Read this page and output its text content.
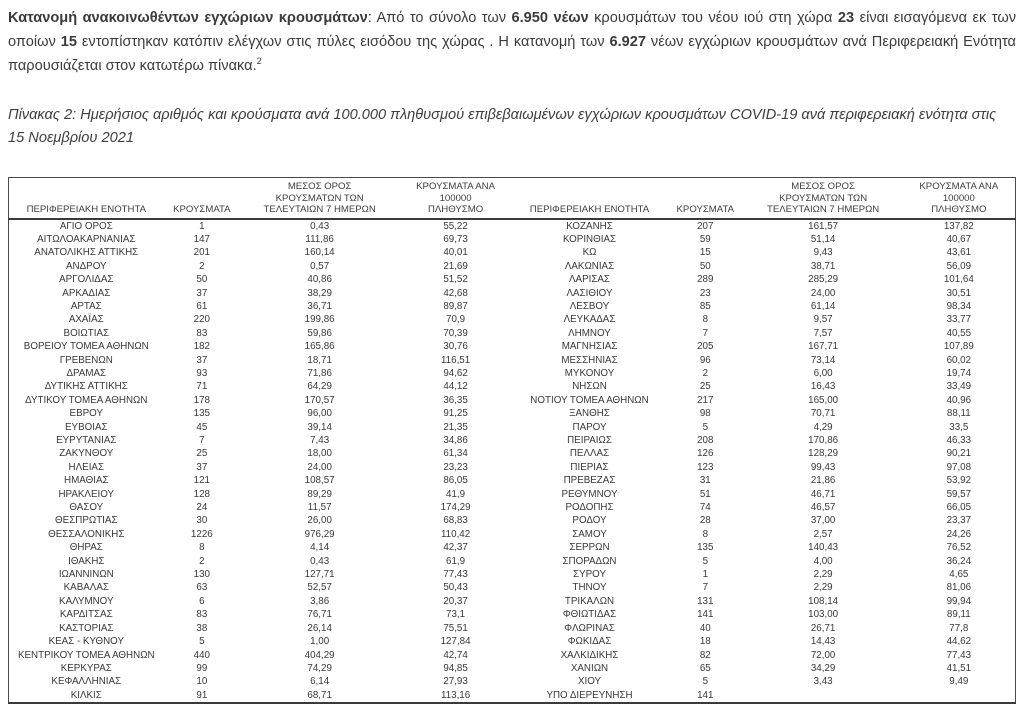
Κατανομή ανακοινωθέντων εγχώριων κρουσμάτων: Από το σύνολο των 6.950 νέων κρουσμάτων του νέου ιού στη χώρα 23 είναι εισαγόμενα εκ των οποίων 15 εντοπίστηκαν κατόπιν ελέγχων στις πύλες εισόδου της χώρας . Η κατανομή των 6.927 νέων εγχώριων κρουσμάτων ανά Περιφερειακή Ενότητα παρουσιάζεται στον κατωτέρω πίνακα.$^2$

Πίνακας 2: Ημερήσιος αριθμός και κρούσματα ανά 100.000 πληθυσμού επιβεβαιωμένων εγχώριων κρουσμάτων COVID-19 ανά περιφερειακή ενότητα στις 15 Νοεμβρίου 2021
ΠΕΡΙΦΕΡΕΙΑΚΗ ΕΝΟΤΗΤΑ	ΚΡΟΥΣΜΑΤΑ	ΜΕΣΟΣ ΟΡΟΣ
ΚΡΟΥΣΜΑΤΩΝ ΤΩΝ
ΤΕΛΕΥΤΑΙΩΝ 7 ΗΜΕΡΩΝ	ΚΡΟΥΣΜΑΤΑ ΑΝΑ 100000
ΠΛΗΘΥΣΜΟ	ΠΕΡΙΦΕΡΕΙΑΚΗ ΕΝΟΤΗΤΑ	ΚΡΟΥΣΜΑΤΑ	ΜΕΣΟΣ ΟΡΟΣ
ΚΡΟΥΣΜΑΤΩΝ ΤΩΝ
ΤΕΛΕΥΤΑΙΩΝ 7 ΗΜΕΡΩΝ	ΚΡΟΥΣΜΑΤΑ ΑΝΑ 100000
ΠΛΗΘΥΣΜΟ
ΑΓΙΟ ΟΡΟΣ	1	0,43	55,22	ΚΟΖΑΝΗΣ	207	161,57	137,82
ΑΙΤΩΛΟΑΚΑΡΝΑΝΙΑΣ	147	111,86	69,73	ΚΟΡΙΝΘΙΑΣ	59	51,14	40,67
ΑΝΑΤΟΛΙΚΗΣ ΑΤΤΙΚΗΣ	201	160,14	40,01	ΚΩ	15	9,43	43,61
ΑΝΔΡΟΥ	2	0,57	21,69	ΛΑΚΩΝΙΑΣ	50	38,71	56,09
ΑΡΓΟΛΙΔΑΣ	50	40,86	51,52	ΛΑΡΙΣΑΣ	289	285,29	101,64
ΑΡΚΑΔΙΑΣ	37	38,29	42,68	ΛΑΣΙΘΙΟΥ	23	24,00	30,51
ΑΡΤΑΣ	61	36,71	89,87	ΛΕΣΒΟΥ	85	61,14	98,34
ΑΧΑΪΑΣ	220	199,86	70,9	ΛΕΥΚΑΔΑΣ	8	9,57	33,77
ΒΟΙΩΤΙΑΣ	83	59,86	70,39	ΛΗΜΝΟΥ	7	7,57	40,55
ΒΟΡΕΙΟΥ ΤΟΜΕΑ ΑΘΗΝΩΝ	182	165,86	30,76	ΜΑΓΝΗΣΙΑΣ	205	167,71	107,89
ΓΡΕΒΕΝΩΝ	37	18,71	116,51	ΜΕΣΣΗΝΙΑΣ	96	73,14	60,02
ΔΡΑΜΑΣ	93	71,86	94,62	ΜΥΚΟΝΟΥ	2	6,00	19,74
ΔΥΤΙΚΗΣ ΑΤΤΙΚΗΣ	71	64,29	44,12	ΝΗΣΩΝ	25	16,43	33,49
ΔΥΤΙΚΟΥ ΤΟΜΕΑ ΑΘΗΝΩΝ	178	170,57	36,35	ΝΟΤΙΟΥ ΤΟΜΕΑ ΑΘΗΝΩΝ	217	165,00	40,96
ΕΒΡΟΥ	135	96,00	91,25	ΞΑΝΘΗΣ	98	70,71	88,11
ΕΥΒΟΙΑΣ	45	39,14	21,35	ΠΑΡΟΥ	5	4,29	33,5
ΕΥΡΥΤΑΝΙΑΣ	7	7,43	34,86	ΠΕΙΡΑΙΩΣ	208	170,86	46,33
ΖΑΚΥΝΘΟΥ	25	18,00	61,34	ΠΕΛΛΑΣ	126	128,29	90,21
ΗΛΕΙΑΣ	37	24,00	23,23	ΠΙΕΡΙΑΣ	123	99,43	97,08
ΗΜΑΘΙΑΣ	121	108,57	86,05	ΠΡΕΒΕΖΑΣ	31	21,86	53,92
ΗΡΑΚΛΕΙΟΥ	128	89,29	41,9	ΡΕΘΥΜΝΟΥ	51	46,71	59,57
ΘΑΣΟΥ	24	11,57	174,29	ΡΟΔΟΠΗΣ	74	46,57	66,05
ΘΕΣΠΡΩΤΙΑΣ	30	26,00	68,83	ΡΟΔΟΥ	28	37,00	23,37
ΘΕΣΣΑΛΟΝΙΚΗΣ	1226	976,29	110,42	ΣΑΜΟΥ	8	2,57	24,26
ΘΗΡΑΣ	8	4,14	42,37	ΣΕΡΡΩΝ	135	140,43	76,52
ΙΘΑΚΗΣ	2	0,43	61,9	ΣΠΟΡΑΔΩΝ	5	4,00	36,24
ΙΩΑΝΝΙΝΩΝ	130	127,71	77,43	ΣΥΡΟΥ	1	2,29	4,65
ΚΑΒΑΛΑΣ	63	52,57	50,43	ΤΗΝΟΥ	7	2,29	81,06
ΚΑΛΥΜΝΟΥ	6	3,86	20,37	ΤΡΙΚΑΛΩΝ	131	108,14	99,94
ΚΑΡΔΙΤΣΑΣ	83	76,71	73,1	ΦΘΙΩΤΙΔΑΣ	141	103,00	89,11
ΚΑΣΤΟΡΙΑΣ	38	26,14	75,51	ΦΛΩΡΙΝΑΣ	40	26,71	77,8
ΚΕΑΣ - ΚΥΘΝΟΥ	5	1,00	127,84	ΦΩΚΙΔΑΣ	18	14,43	44,62
ΚΕΝΤΡΙΚΟΥ ΤΟΜΕΑ ΑΘΗΝΩΝ	440	404,29	42,74	ΧΑΛΚΙΔΙΚΗΣ	82	72,00	77,43
ΚΕΡΚΥΡΑΣ	99	74,29	94,85	ΧΑΝΙΩΝ	65	34,29	41,51
ΚΕΦΑΛΛΗΝΙΑΣ	10	6,14	27,93	ΧΙΟΥ	5	3,43	9,49
ΚΙΛΚΙΣ	91	68,71	113,16	ΥΠΟ ΔΙΕΡΕΥΝΗΣΗ	141		
